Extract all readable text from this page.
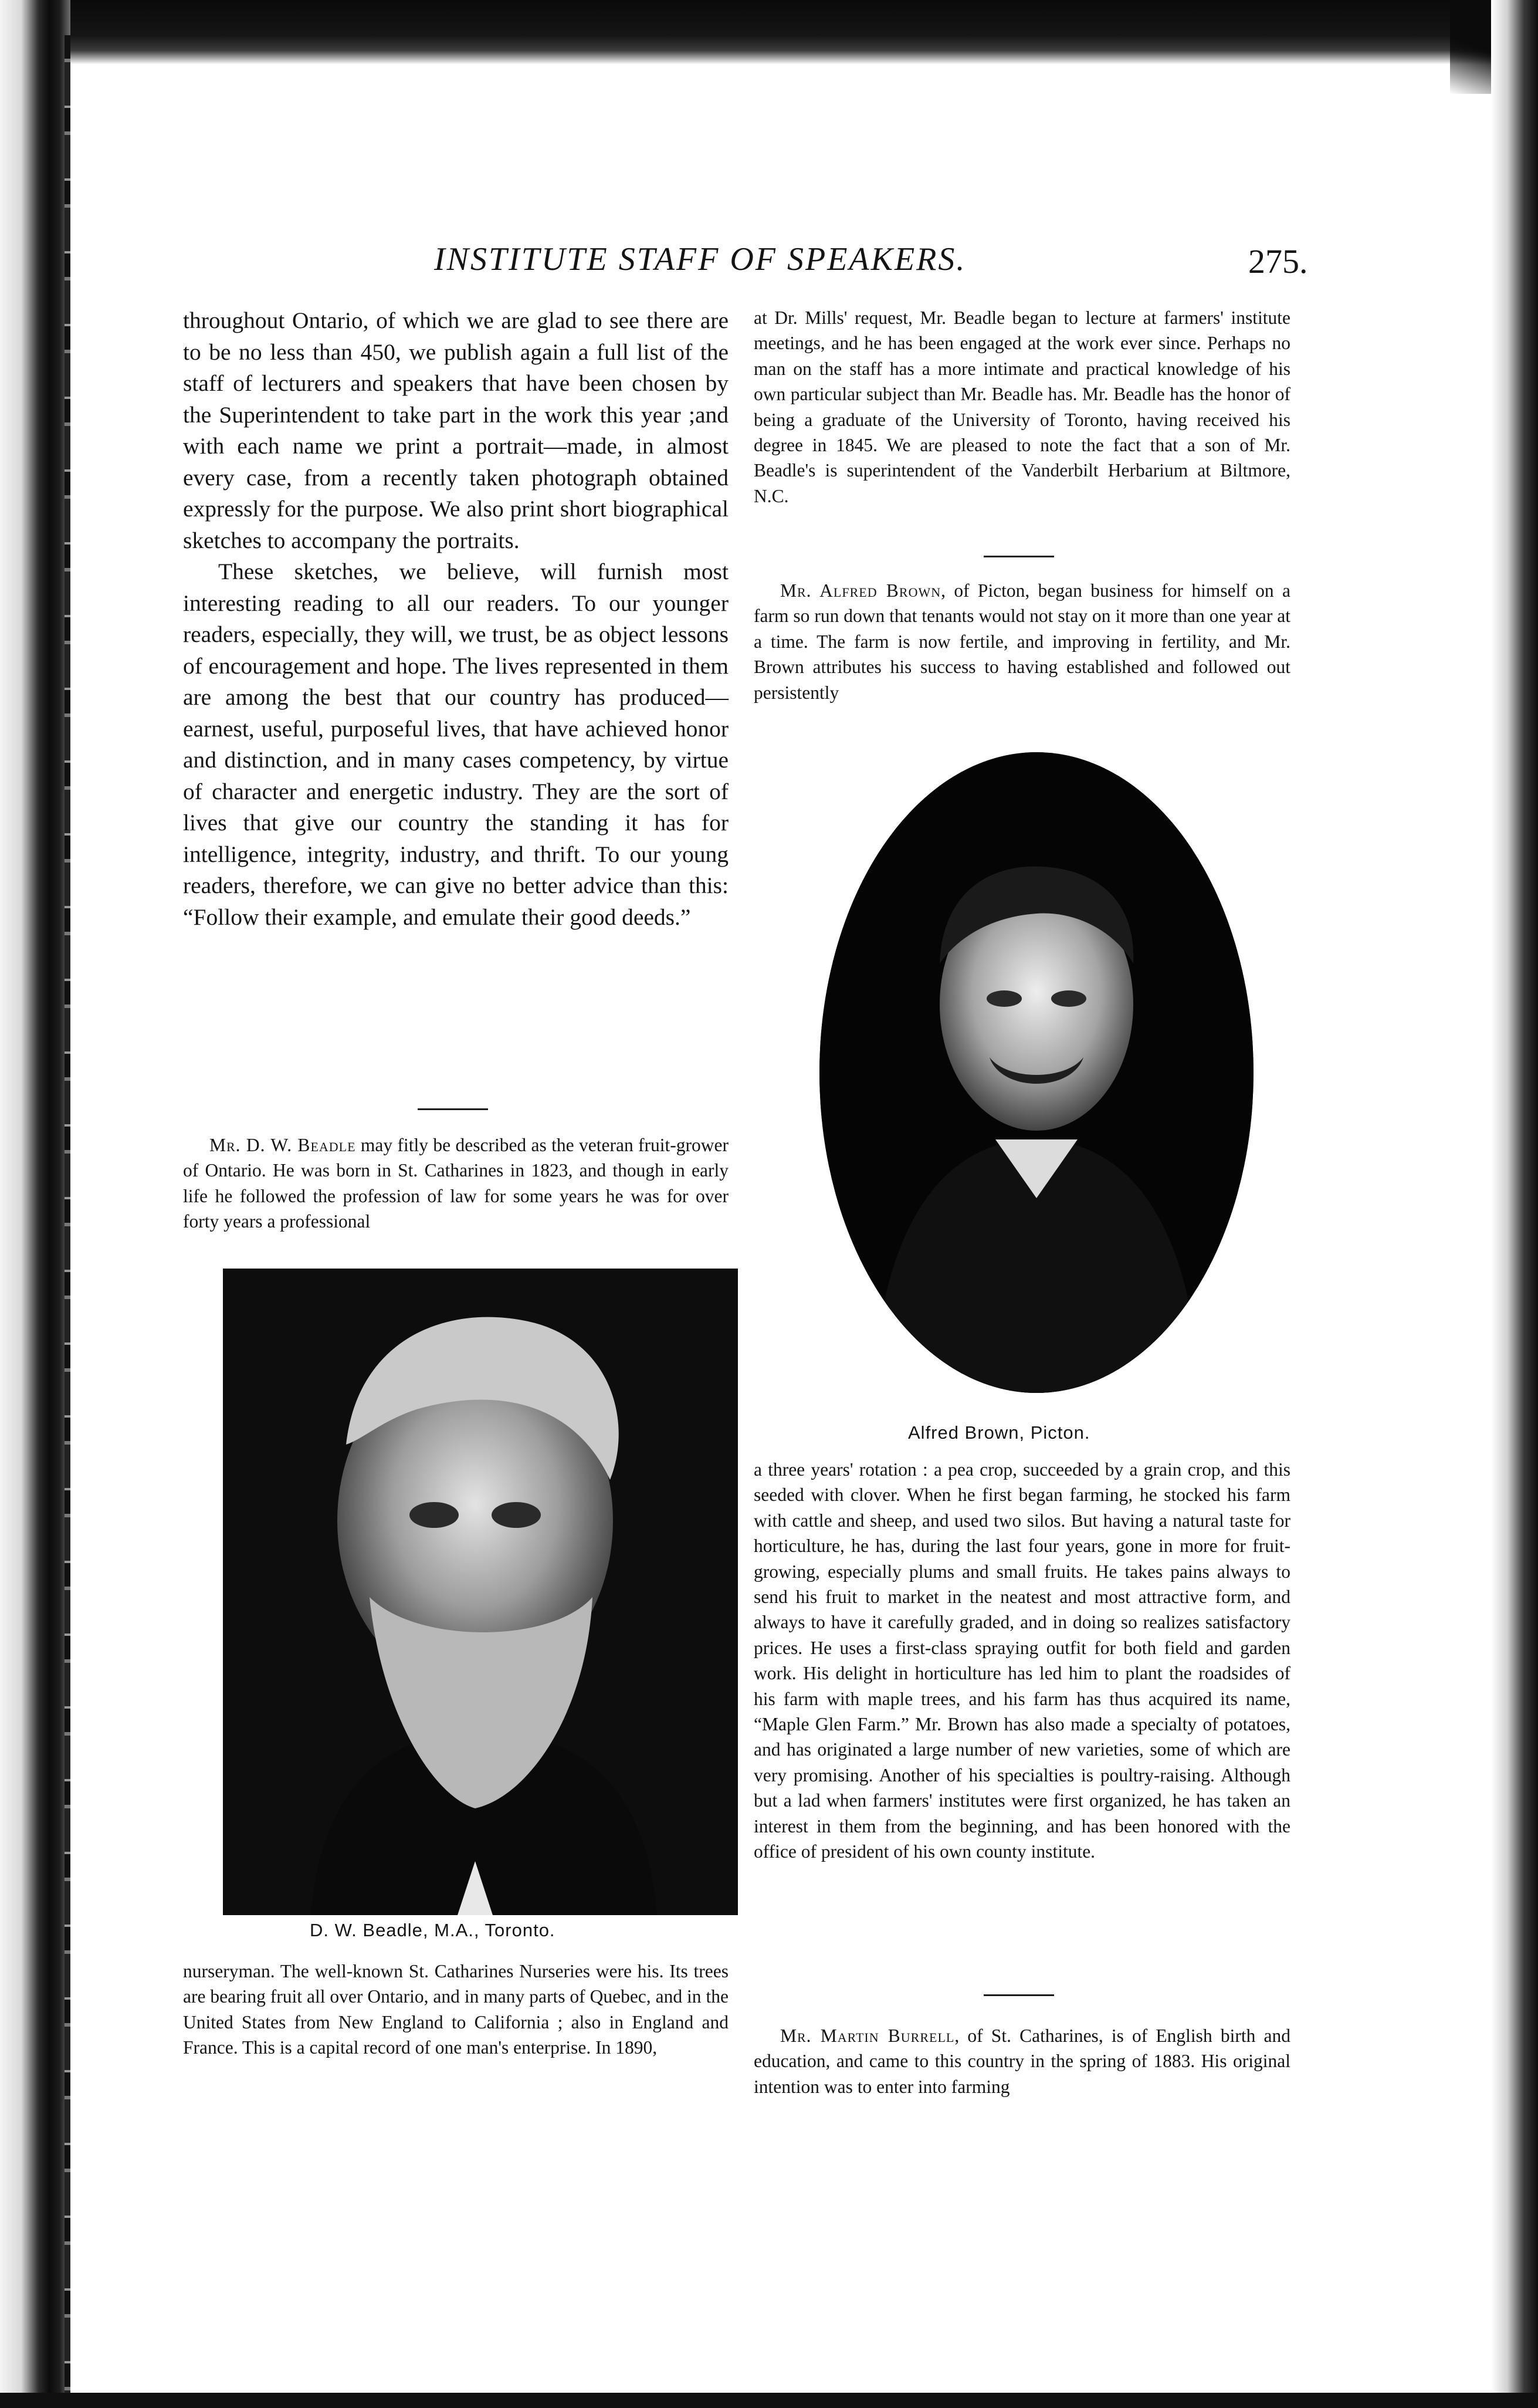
INSTITUTE STAFF OF SPEAKERS.	275.

throughout Ontario, of which we are glad to see there are to be no less than 450, we publish again a full list of the staff of lecturers and speakers that have been chosen by the Superintendent to take part in the work this year ;and with each name we print a portrait—made, in almost every case, from a recently taken photograph obtained expressly for the purpose. We also print short biographical sketches to accompany the portraits.

These sketches, we believe, will furnish most interesting reading to all our readers. To our younger readers, especially, they will, we trust, be as object lessons of encouragement and hope. The lives represented in them are among the best that our country has produced—earnest, useful, purposeful lives, that have achieved honor and distinction, and in many cases competency, by virtue of character and energetic industry. They are the sort of lives that give our country the standing it has for intelligence, integrity, industry, and thrift. To our young readers, therefore, we can give no better advice than this: “Follow their example, and emulate their good deeds.”

Mr. D. W. Beadle may fitly be described as the veteran fruit-grower of Ontario. He was born in St. Catharines in 1823, and though in early life he followed the profession of law for some years he was for over forty years a professional

D. W. Beadle, M.A., Toronto.

nurseryman. The well-known St. Catharines Nurseries were his. Its trees are bearing fruit all over Ontario, and in many parts of Quebec, and in the United States from New England to California ; also in England and France. This is a capital record of one man's enterprise. In 1890,

at Dr. Mills' request, Mr. Beadle began to lecture at farmers' institute meetings, and he has been engaged at the work ever since. Perhaps no man on the staff has a more intimate and practical knowledge of his own particular subject than Mr. Beadle has. Mr. Beadle has the honor of being a graduate of the University of Toronto, having received his degree in 1845. We are pleased to note the fact that a son of Mr. Beadle's is superintendent of the Vanderbilt Herbarium at Biltmore, N.C.

Mr. Alfred Brown, of Picton, began business for himself on a farm so run down that tenants would not stay on it more than one year at a time. The farm is now fertile, and improving in fertility, and Mr. Brown attributes his success to having established and followed out persistently

Alfred Brown, Picton.

a three years' rotation : a pea crop, succeeded by a grain crop, and this seeded with clover. When he first began farming, he stocked his farm with cattle and sheep, and used two silos. But having a natural taste for horticulture, he has, during the last four years, gone in more for fruit-growing, especially plums and small fruits. He takes pains always to send his fruit to market in the neatest and most attractive form, and always to have it carefully graded, and in doing so realizes satisfactory prices. He uses a first-class spraying outfit for both field and garden work. His delight in horticulture has led him to plant the roadsides of his farm with maple trees, and his farm has thus acquired its name, “Maple Glen Farm.” Mr. Brown has also made a specialty of potatoes, and has originated a large number of new varieties, some of which are very promising. Another of his specialties is poultry-raising. Although but a lad when farmers' institutes were first organized, he has taken an interest in them from the beginning, and has been honored with the office of president of his own county institute.

Mr. Martin Burrell, of St. Catharines, is of English birth and education, and came to this country in the spring of 1883. His original intention was to enter into farming
